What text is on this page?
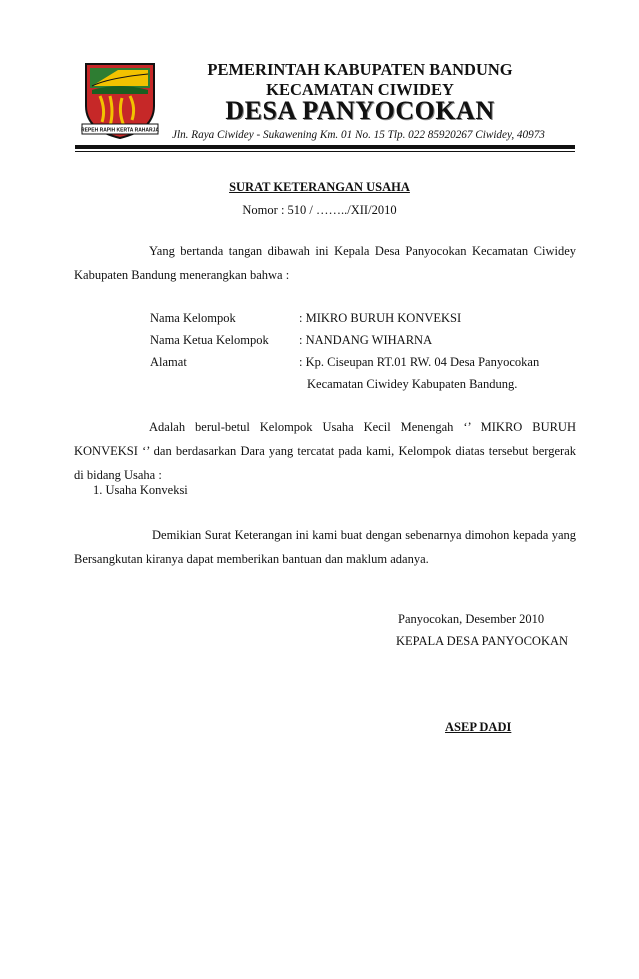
REPEH RAPIH KERTA RAHARJA
PEMERINTAH KABUPATEN BANDUNG
KECAMATAN CIWIDEY
DESA PANYOCOKAN
Jln. Raya Ciwidey - Sukawening Km. 01 No. 15 Tlp. 022 85920267 Ciwidey, 40973
SURAT KETERANGAN USAHA
Nomor : 510 / ……../XII/2010
Yang bertanda tangan dibawah ini Kepala Desa Panyocokan Kecamatan Ciwidey Kabupaten Bandung menerangkan bahwa :
Nama Kelompok	: MIKRO BURUH KONVEKSI
Nama Ketua Kelompok : NANDANG WIHARNA
Alamat	: Kp. Ciseupan RT.01 RW. 04 Desa Panyocokan
Kecamatan Ciwidey Kabupaten Bandung.
Adalah berul-betul Kelompok Usaha Kecil Menengah ‘’ MIKRO BURUH KONVEKSI ‘’ dan berdasarkan Dara yang tercatat pada kami, Kelompok diatas tersebut bergerak di bidang Usaha :
1. Usaha Konveksi
Demikian Surat Keterangan ini kami buat dengan sebenarnya dimohon kepada yang Bersangkutan kiranya dapat memberikan bantuan dan maklum adanya.
Panyocokan, Desember 2010
KEPALA DESA PANYOCOKAN
ASEP DADI
